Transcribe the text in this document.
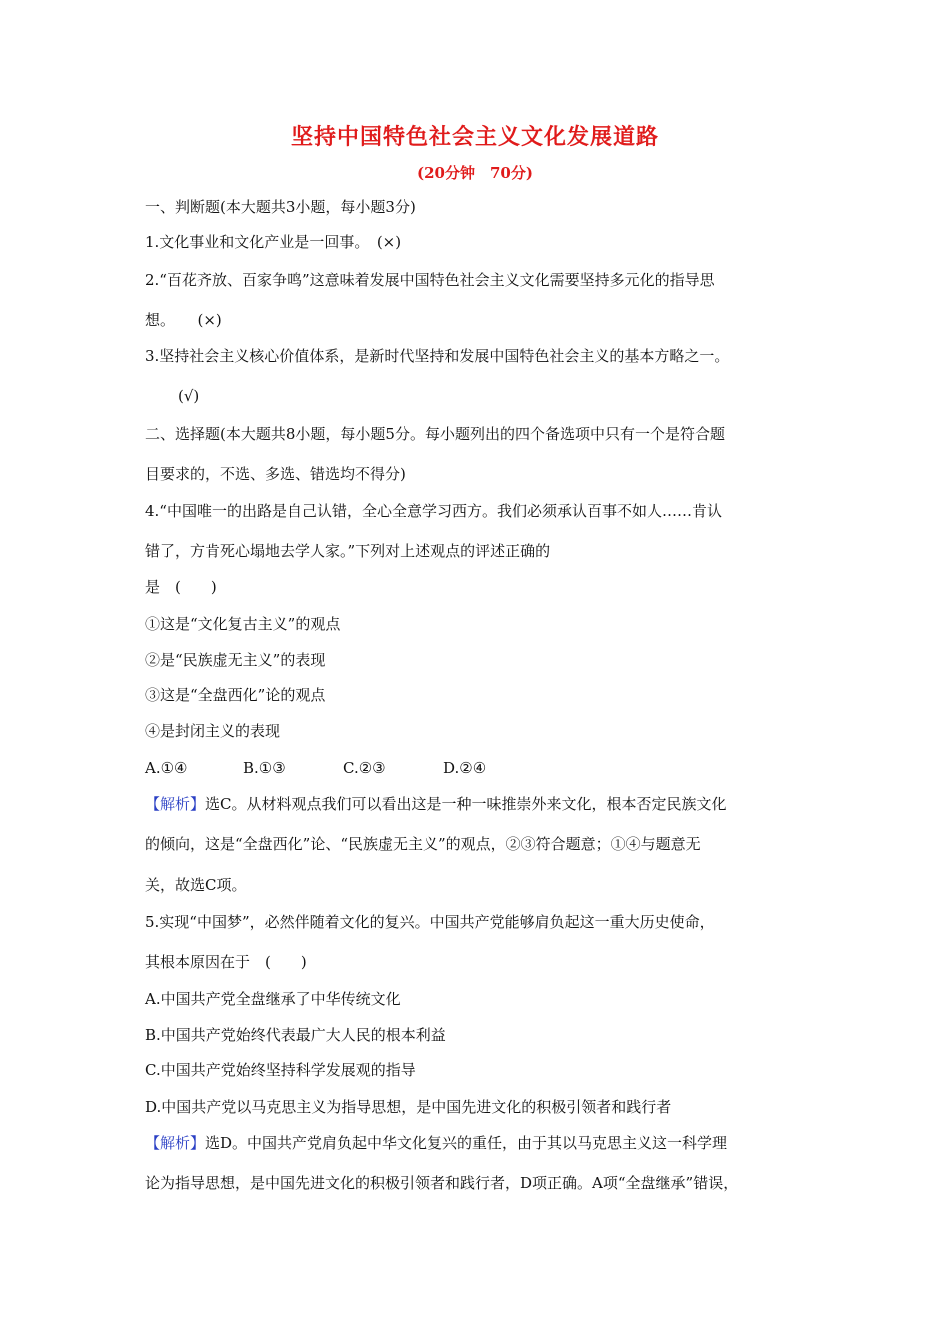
坚持中国特色社会主义文化发展道路
(20分钟　70分)
一、判断题(本大题共3小题，每小题3分)
1.文化事业和文化产业是一回事。　(×)
2.“百花齐放、百家争鸣”这意味着发展中国特色社会主义文化需要坚持多元化的指导思
想。　　(×)
3.坚持社会主义核心价值体系，是新时代坚持和发展中国特色社会主义的基本方略之一。
(√)
二、选择题(本大题共8小题，每小题5分。每小题列出的四个备选项中只有一个是符合题
目要求的，不选、多选、错选均不得分)
4.“中国唯一的出路是自己认错，全心全意学习西方。我们必须承认百事不如人……肯认
错了，方肯死心塌地去学人家。”下列对上述观点的评述正确的
是　(　　)
①这是“文化复古主义”的观点
②是“民族虚无主义”的表现
③这是“全盘西化”论的观点
④是封闭主义的表现
A.①④	B.①③	C.②③	D.②④
【解析】选C。从材料观点我们可以看出这是一种一味推崇外来文化，根本否定民族文化
的倾向，这是“全盘西化”论、“民族虚无主义”的观点，②③符合题意；①④与题意无
关，故选C项。
5.实现“中国梦”，必然伴随着文化的复兴。中国共产党能够肩负起这一重大历史使命，
其根本原因在于　(　　)
A.中国共产党全盘继承了中华传统文化
B.中国共产党始终代表最广大人民的根本利益
C.中国共产党始终坚持科学发展观的指导
D.中国共产党以马克思主义为指导思想，是中国先进文化的积极引领者和践行者
【解析】选D。中国共产党肩负起中华文化复兴的重任，由于其以马克思主义这一科学理
论为指导思想，是中国先进文化的积极引领者和践行者，D项正确。A项“全盘继承”错误，
